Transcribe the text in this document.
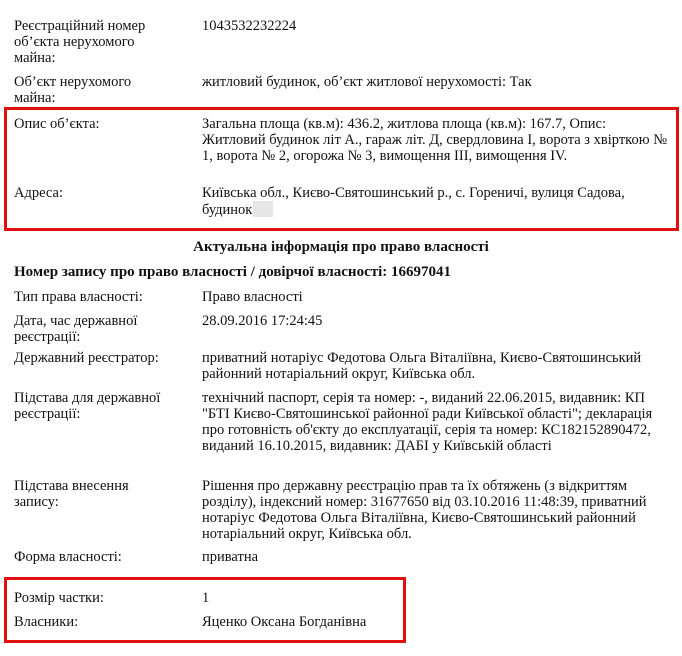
Реєстраційний номер об’єкта нерухомого майна:
1043532232224
Об’єкт нерухомого майна:
житловий будинок, об’єкт житлової нерухомості: Так
Опис об’єкта:	Загальна площа (кв.м): 436.2, житлова площа (кв.м): 167.7, Опис: Житловий будинок літ А., гараж літ. Д, свердловина І, ворота з хвірткою № 1, ворота № 2, огорожа № 3, вимощення ІІІ, вимощення ІV.
Адреса:	Київська обл., Києво-Святошинський р., с. Гореничі, вулиця Садова, будинок
Актуальна інформація про право власності
Номер запису про право власності / довірчої власності: 16697041
Тип права власності:	Право власності
Дата, час державної реєстрації:
28.09.2016 17:24:45
Державний реєстратор:	приватний нотаріус Федотова Ольга Віталіївна, Києво-Святошинський районний нотаріальний округ, Київська обл.
Підстава для державної реєстрації:
технічний паспорт, серія та номер: -, виданий 22.06.2015, видавник: КП "БТІ Києво-Святошинської районної ради Київської області"; декларація про готовність об'єкту до експлуатації, серія та номер: КС182152890472, виданий 16.10.2015, видавник: ДАБІ у Київській області
Підстава внесення запису:
Рішення про державну реєстрацію прав та їх обтяжень (з відкриттям розділу), індексний номер: 31677650 від 03.10.2016 11:48:39, приватний нотаріус Федотова Ольга Віталіївна, Києво-Святошинський районний нотаріальний округ, Київська обл.
Форма власності:	приватна
Розмір частки:	1
Власники:	Яценко Оксана Богданівна
